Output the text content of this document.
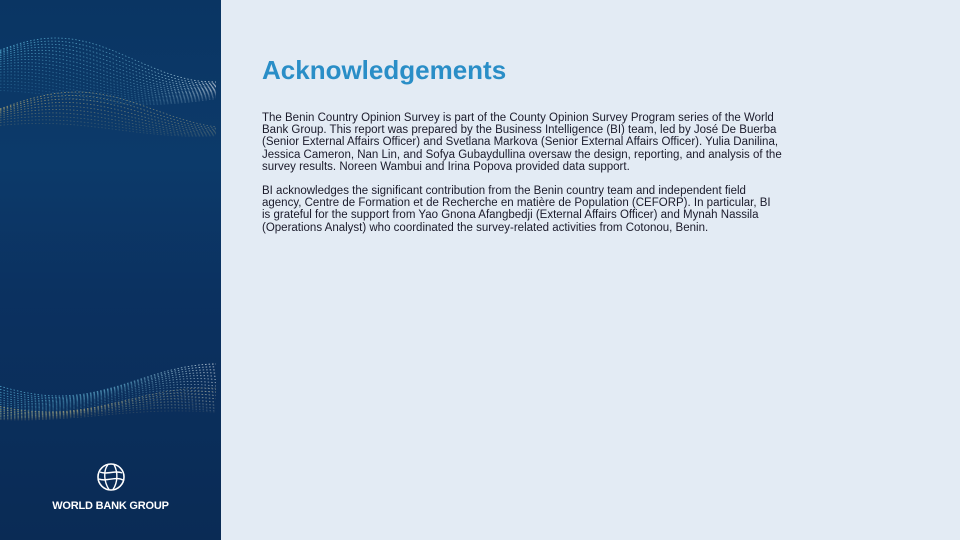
WORLD BANK GROUP
Acknowledgements

The Benin Country Opinion Survey is part of the County Opinion Survey Program series of the World Bank Group. This report was prepared by the Business Intelligence (BI) team, led by José De Buerba (Senior External Affairs Officer) and Svetlana Markova (Senior External Affairs Officer). Yulia Danilina, Jessica Cameron, Nan Lin, and Sofya Gubaydullina oversaw the design, reporting, and analysis of the survey results. Noreen Wambui and Irina Popova provided data support.

BI acknowledges the significant contribution from the Benin country team and independent field agency, Centre de Formation et de Recherche en matière de Population (CEFORP). In particular, BI is grateful for the support from Yao Gnona Afangbedji (External Affairs Officer) and Mynah Nassila (Operations Analyst) who coordinated the survey-related activities from Cotonou, Benin.
